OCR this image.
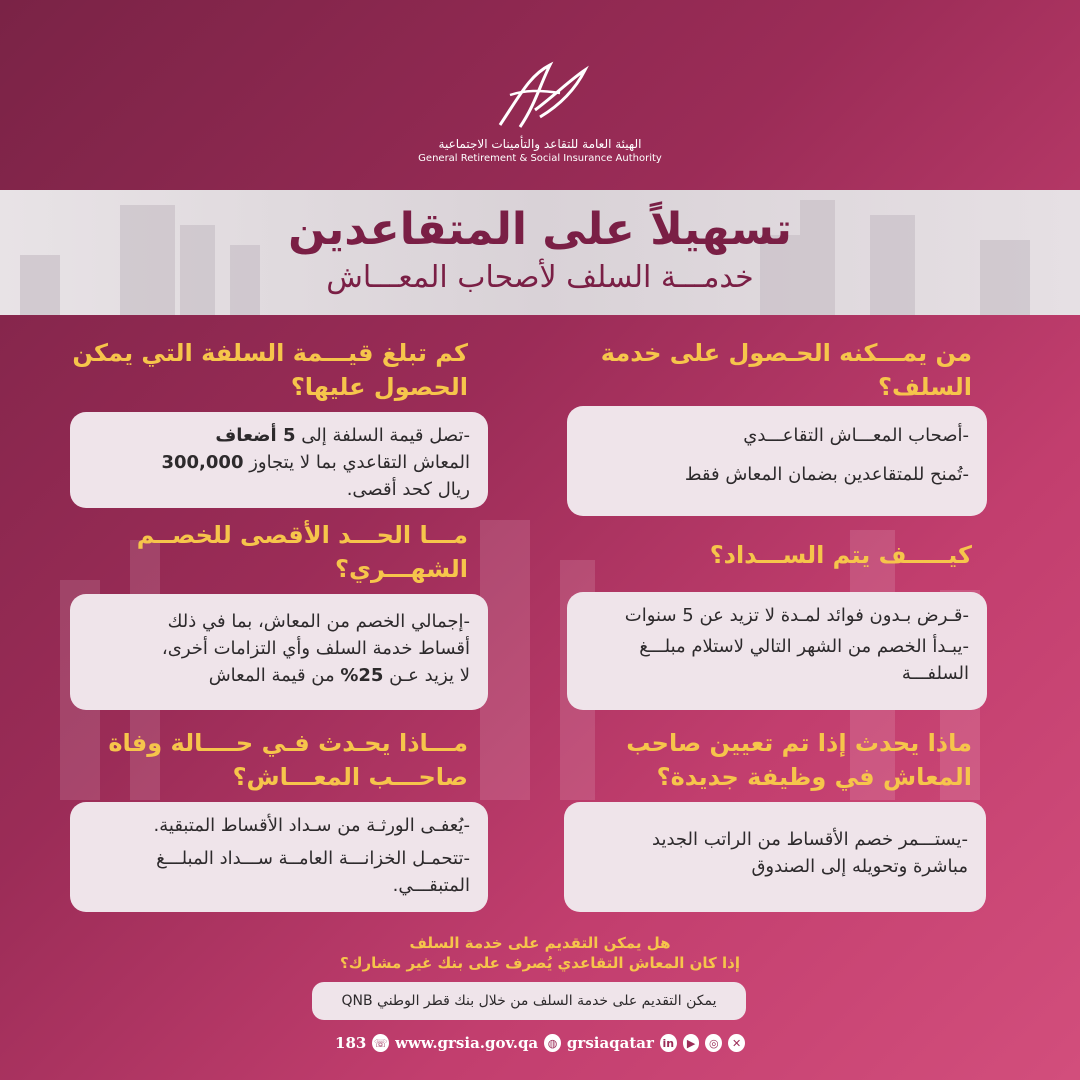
الهيئة العامة للتقاعد والتأمينات الاجتماعية
General Retirement & Social Insurance Authority
تسهيلاً على المتقاعدين
خدمـــة السلف لأصحاب المعـــاش
من يمـــكنه الحـصول على خدمة السلف؟

-أصحاب المعـــاش التقاعـــدي

-تُمنح للمتقاعدين بضمان المعاش فقط

كم تبلغ قيـــمة السلفة التي يمكن الحصول عليها؟

-تصل قيمة السلفة إلى 5 أضعاف

المعاش التقاعدي بما لا يتجاوز 300,000

ريال كحد أقصى.

كيـــــف يتم الســـداد؟

-قـرض بـدون فوائد لمـدة لا تزيد عن 5 سنوات

-يبـدأ الخصم من الشهر التالي لاستلام مبلـــغ السلفـــة

مـــا الحـــد الأقصى للخصــم الشهـــري؟

-إجمالي الخصم من المعاش، بما في ذلك

أقساط خدمة السلف وأي التزامات أخرى،

لا يزيد عـن 25% من قيمة المعاش

ماذا يحدث إذا تم تعيين صاحب المعاش في وظيفة جديدة؟

-يستـــمر خصم الأقساط من الراتب الجديد

مباشرة وتحويله إلى الصندوق

مـــاذا يحـدث فـي حــــالة وفاة صاحـــب المعـــاش؟

-يُعفـى الورثـة من سـداد الأقساط المتبقية.

-تتحمـل الخزانـــة العامــة ســـداد المبلـــغ المتبقـــي.

هل يمكن التقديم على خدمة السلف
إذا كان المعاش التقاعدي يُصرف على بنك غير مشارك؟
يمكن التقديم على خدمة السلف من خلال بنك قطر الوطني QNB
183 ☏ www.grsia.gov.qa ◍ grsiaqatar in	▶	◎	✕
